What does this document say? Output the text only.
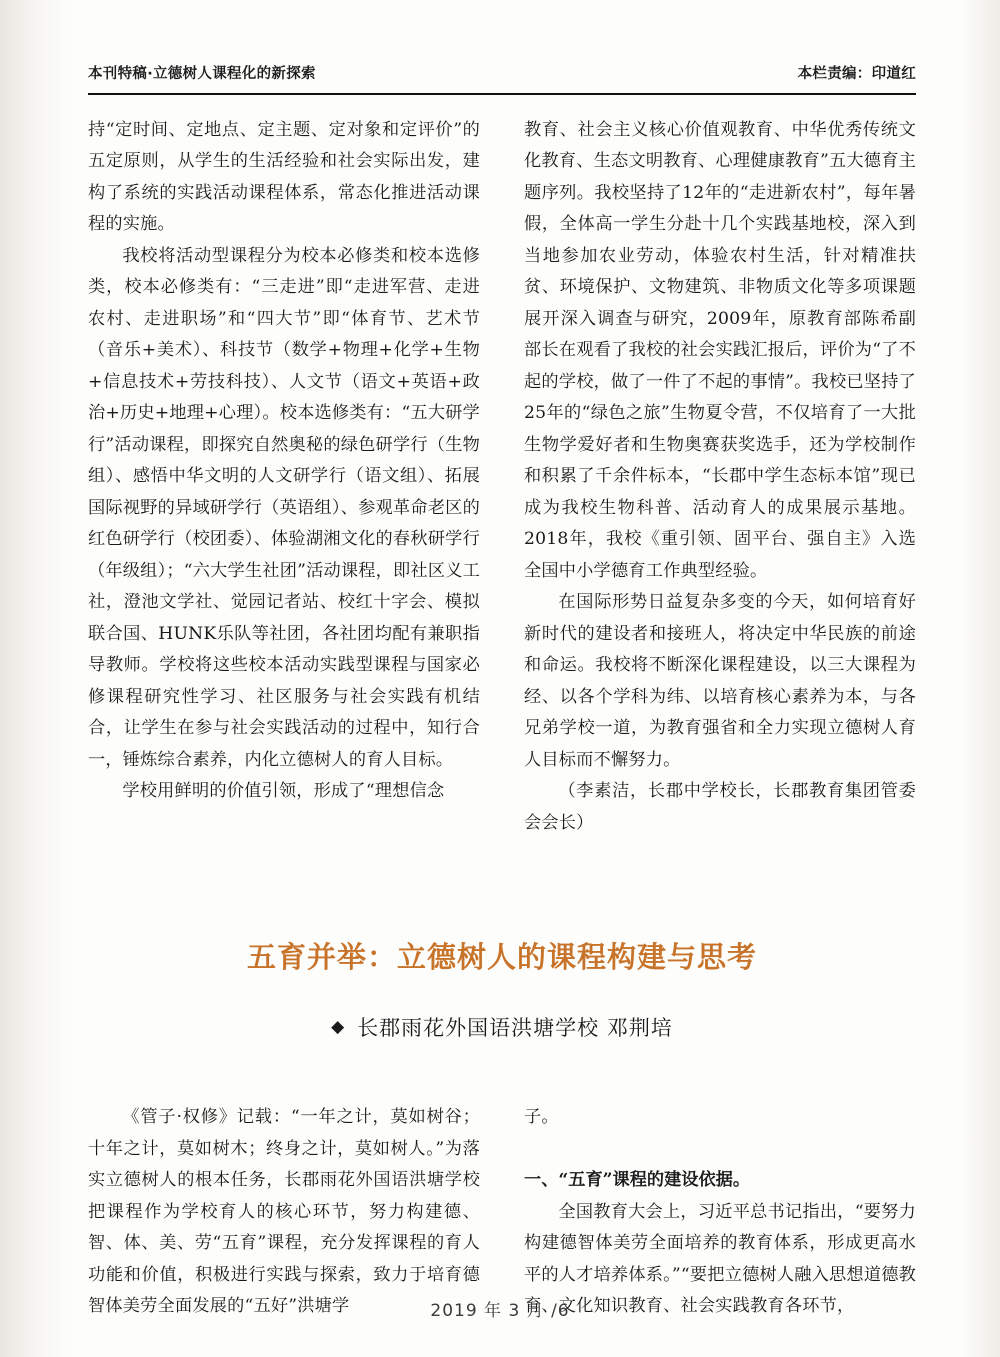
本刊特稿·立德树人课程化的新探索	本栏责编：印道红

持“定时间、定地点、定主题、定对象和定评价”的五定原则，从学生的生活经验和社会实际出发，建构了系统的实践活动课程体系，常态化推进活动课程的实施。

我校将活动型课程分为校本必修类和校本选修类，校本必修类有：“三走进”即“走进军营、走进农村、走进职场”和“四大节”即“体育节、艺术节（音乐+美术）、科技节（数学+物理+化学+生物+信息技术+劳技科技）、人文节（语文+英语+政治+历史+地理+心理）。校本选修类有：“五大研学行”活动课程，即探究自然奥秘的绿色研学行（生物组）、感悟中华文明的人文研学行（语文组）、拓展国际视野的异域研学行（英语组）、参观革命老区的红色研学行（校团委）、体验湖湘文化的春秋研学行（年级组）；“六大学生社团”活动课程，即社区义工社，澄池文学社、觉园记者站、校红十字会、模拟联合国、HUNK乐队等社团，各社团均配有兼职指导教师。学校将这些校本活动实践型课程与国家必修课程研究性学习、社区服务与社会实践有机结合，让学生在参与社会实践活动的过程中，知行合一，锤炼综合素养，内化立德树人的育人目标。

学校用鲜明的价值引领，形成了“理想信念

教育、社会主义核心价值观教育、中华优秀传统文化教育、生态文明教育、心理健康教育”五大德育主题序列。我校坚持了12年的“走进新农村”，每年暑假，全体高一学生分赴十几个实践基地校，深入到当地参加农业劳动，体验农村生活，针对精准扶贫、环境保护、文物建筑、非物质文化等多项课题展开深入调查与研究，2009年，原教育部陈希副部长在观看了我校的社会实践汇报后，评价为“了不起的学校，做了一件了不起的事情”。我校已坚持了25年的“绿色之旅”生物夏令营，不仅培育了一大批生物学爱好者和生物奥赛获奖选手，还为学校制作和积累了千余件标本，“长郡中学生态标本馆”现已成为我校生物科普、活动育人的成果展示基地。2018年，我校《重引领、固平台、强自主》入选全国中小学德育工作典型经验。

在国际形势日益复杂多变的今天，如何培育好新时代的建设者和接班人，将决定中华民族的前途和命运。我校将不断深化课程建设，以三大课程为经、以各个学科为纬、以培育核心素养为本，与各兄弟学校一道，为教育强省和全力实现立德树人育人目标而不懈努力。

（李素洁，长郡中学校长，长郡教育集团管委会会长）

五育并举：立德树人的课程构建与思考
◆ 长郡雨花外国语洪塘学校 邓荆培

《管子·权修》记载：“一年之计，莫如树谷；十年之计，莫如树木；终身之计，莫如树人。”为落实立德树人的根本任务，长郡雨花外国语洪塘学校把课程作为学校育人的核心环节，努力构建德、智、体、美、劳“五育”课程，充分发挥课程的育人功能和价值，积极进行实践与探索，致力于培育德智体美劳全面发展的“五好”洪塘学

子。

一、“五育”课程的建设依据。

全国教育大会上，习近平总书记指出，“要努力构建德智体美劳全面培养的教育体系，形成更高水平的人才培养体系。”“要把立德树人融入思想道德教育、文化知识教育、社会实践教育各环节，

2019 年 3 月 /6
